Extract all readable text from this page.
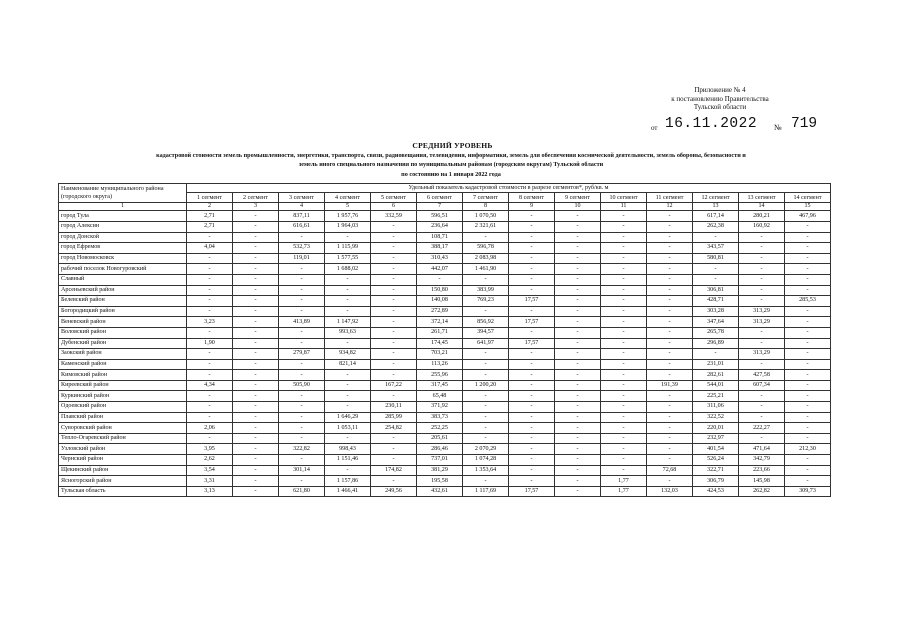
Приложение № 4
к постановлению Правительства
Тульской области
от 16.11.2022 № 719
СРЕДНИЙ УРОВЕНЬ
кадастровой стоимости земель промышленности, энергетики, транспорта, связи, радиовещания, телевидения, информатики, земель для обеспечения космической деятельности, земель обороны, безопасности и
земель иного специального назначения по муниципальным районам (городским округам) Тульской области
по состоянию на 1 января 2022 года
Наименование муниципального района (городского округа)	Удельный показатель кадастровой стоимости в разрезе сегментов*, руб/кв. м													
	1 сегмент	2 сегмент	3 сегмент	4 сегмент	5 сегмент	6 сегмент	7 сегмент	8 сегмент	9 сегмент	10 сегмент	11 сегмент	12 сегмент	13 сегмент	14 сегмент
1	2	3	4	5	6	7	8	9	10	11	12	13	14	15
город Тула	2,71	-	837,11	1 957,76	332,59	596,51	1 070,50	-	-	-	-	617,14	280,21	467,96
город Алексин	2,71	-	616,61	1 964,03	-	236,64	2 321,61	-	-	-	-	262,38	160,92	-
город Донской	-	-	-	-	-	108,71	-	-	-	-	-	-	-	-
город Ефремов	4,04	-	532,73	1 115,99	-	388,17	596,78	-	-	-	-	343,57	-	-
город Новомосковск	-	-	119,01	1 577,55	-	310,43	2 083,98	-	-	-	-	580,81	-	-
рабочий поселок Новогуровский	-	-	-	1 688,02	-	442,07	1 461,90	-	-	-	-	-	-	-
Славный	-	-	-	-	-	-	-	-	-	-	-	-	-	-
Арсеньевский район	-	-	-	-	-	150,80	383,99	-	-	-	-	306,81	-	-
Белевский район	-	-	-	-	-	140,08	769,23	17,57	-	-	-	428,71	-	285,53
Богородицкий район	-	-	-	-	-	272,89	-	-	-	-	-	303,28	313,29	-
Веневский район	3,23	-	413,89	1 147,92	-	372,14	856,92	17,57	-	-	-	347,64	313,29	-
Воловский район	-	-	-	993,63	-	261,71	394,57	-	-	-	-	265,78	-	-
Дубенский район	1,90	-	-	-	-	174,45	641,97	17,57	-	-	-	296,89	-	-
Заокский район	-	-	279,87	934,82	-	703,21	-	-	-	-	-	-	313,29	-
Каменский район	-	-	-	821,14	-	113,26	-	-	-	-	-	231,01	-	-
Кимовский район	-	-	-	-	-	255,96	-	-	-	-	-	282,61	427,58	-
Киреевский район	4,34	-	505,90	-	167,22	317,45	1 200,20	-	-	-	191,39	544,01	607,34	-
Куркинский район	-	-	-	-	-	65,48	-	-	-	-	-	225,21	-	-
Одоевский район	-	-	-	-	230,11	371,92	-	-	-	-	-	311,06	-	-
Плавский район	-	-	-	1 646,29	285,99	383,73	-	-	-	-	-	322,52	-	-
Суворовский район	2,06	-	-	1 053,11	254,82	252,25	-	-	-	-	-	220,01	222,27	-
Тепло-Огаревский район	-	-	-	-	-	205,61	-	-	-	-	-	232,97	-	-
Узловский район	3,95	-	322,82	998,43	-	286,46	2 070,29	-	-	-	-	401,54	471,64	212,30
Чернский район	2,62	-	-	1 151,46	-	737,01	1 074,28	-	-	-	-	526,24	342,79	-
Щекинский район	3,54	-	301,14	-	174,82	381,29	1 353,64	-	-	-	72,68	322,71	223,66	-
Ясногорский район	3,31	-	-	1 157,86	-	195,58	-	-	-	1,77	-	306,79	145,98	-
Тульская область	3,13	-	621,80	1 466,41	249,56	432,61	1 117,69	17,57	-	1,77	132,03	424,53	262,82	309,73
